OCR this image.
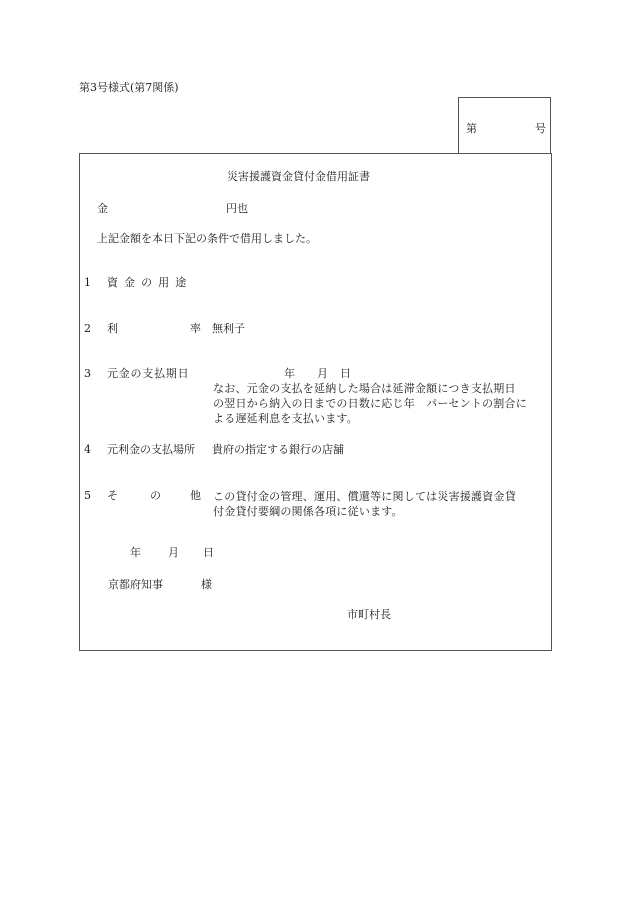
第3号様式(第7関係)
第	号
災害援護資金貸付金借用証書
金	円也
上記金額を本日下記の条件で借用しました。
1 資金の用途
2 利	率 無利子
3 元金の支払期日	年 月 日
なお、元金の支払を延納した場合は延滞金額につき支払期日
の翌日から納入の日までの日数に応じ年　パーセントの割合に
よる遅延利息を支払います。
4 元利金の支払場所 貴府の指定する銀行の店舗
5 そ	の	他 この貸付金の管理、運用、償還等に関しては災害援護資金貸
付金貸付要綱の関係各項に従います。
年 月 日
京都府知事	様
市町村長
